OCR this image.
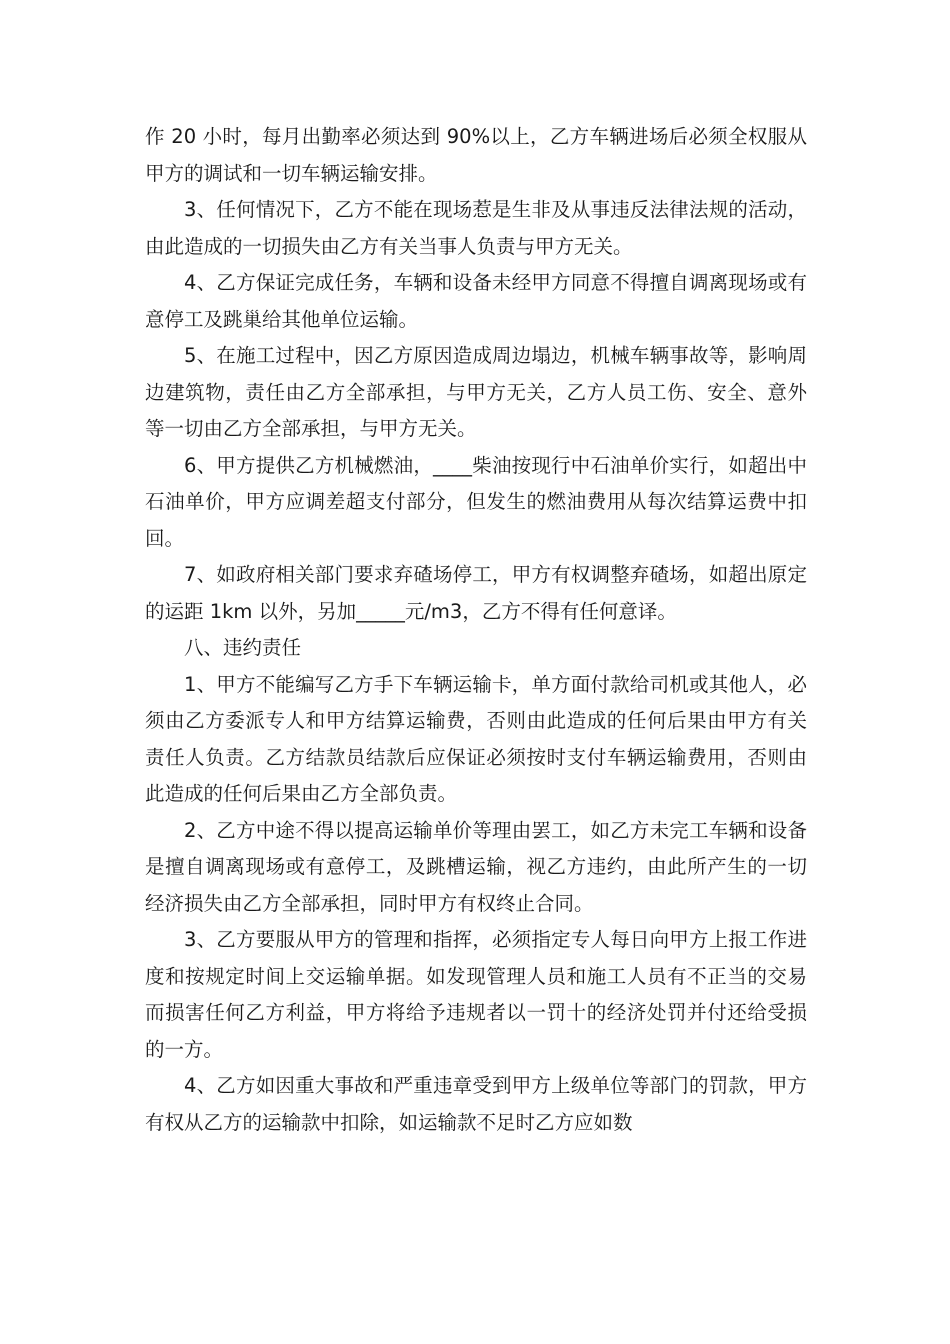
作 20 小时，每月出勤率必须达到 90%以上，乙方车辆进场后必须全权服从甲方的调试和一切车辆运输安排。

3、任何情况下，乙方不能在现场惹是生非及从事违反法律法规的活动，由此造成的一切损失由乙方有关当事人负责与甲方无关。

4、乙方保证完成任务，车辆和设备未经甲方同意不得擅自调离现场或有意停工及跳巢给其他单位运输。

5、在施工过程中，因乙方原因造成周边塌边，机械车辆事故等，影响周边建筑物，责任由乙方全部承担，与甲方无关，乙方人员工伤、安全、意外等一切由乙方全部承担，与甲方无关。

6、甲方提供乙方机械燃油，____柴油按现行中石油单价实行，如超出中石油单价，甲方应调差超支付部分，但发生的燃油费用从每次结算运费中扣回。

7、如政府相关部门要求弃碴场停工，甲方有权调整弃碴场，如超出原定的运距 1km 以外，另加_____元/m3，乙方不得有任何意译。

八、违约责任

1、甲方不能编写乙方手下车辆运输卡，单方面付款给司机或其他人，必须由乙方委派专人和甲方结算运输费，否则由此造成的任何后果由甲方有关责任人负责。乙方结款员结款后应保证必须按时支付车辆运输费用，否则由此造成的任何后果由乙方全部负责。

2、乙方中途不得以提高运输单价等理由罢工，如乙方未完工车辆和设备是擅自调离现场或有意停工，及跳槽运输，视乙方违约，由此所产生的一切经济损失由乙方全部承担，同时甲方有权终止合同。

3、乙方要服从甲方的管理和指挥，必须指定专人每日向甲方上报工作进度和按规定时间上交运输单据。如发现管理人员和施工人员有不正当的交易而损害任何乙方利益，甲方将给予违规者以一罚十的经济处罚并付还给受损的一方。

4、乙方如因重大事故和严重违章受到甲方上级单位等部门的罚款，甲方有权从乙方的运输款中扣除，如运输款不足时乙方应如数
